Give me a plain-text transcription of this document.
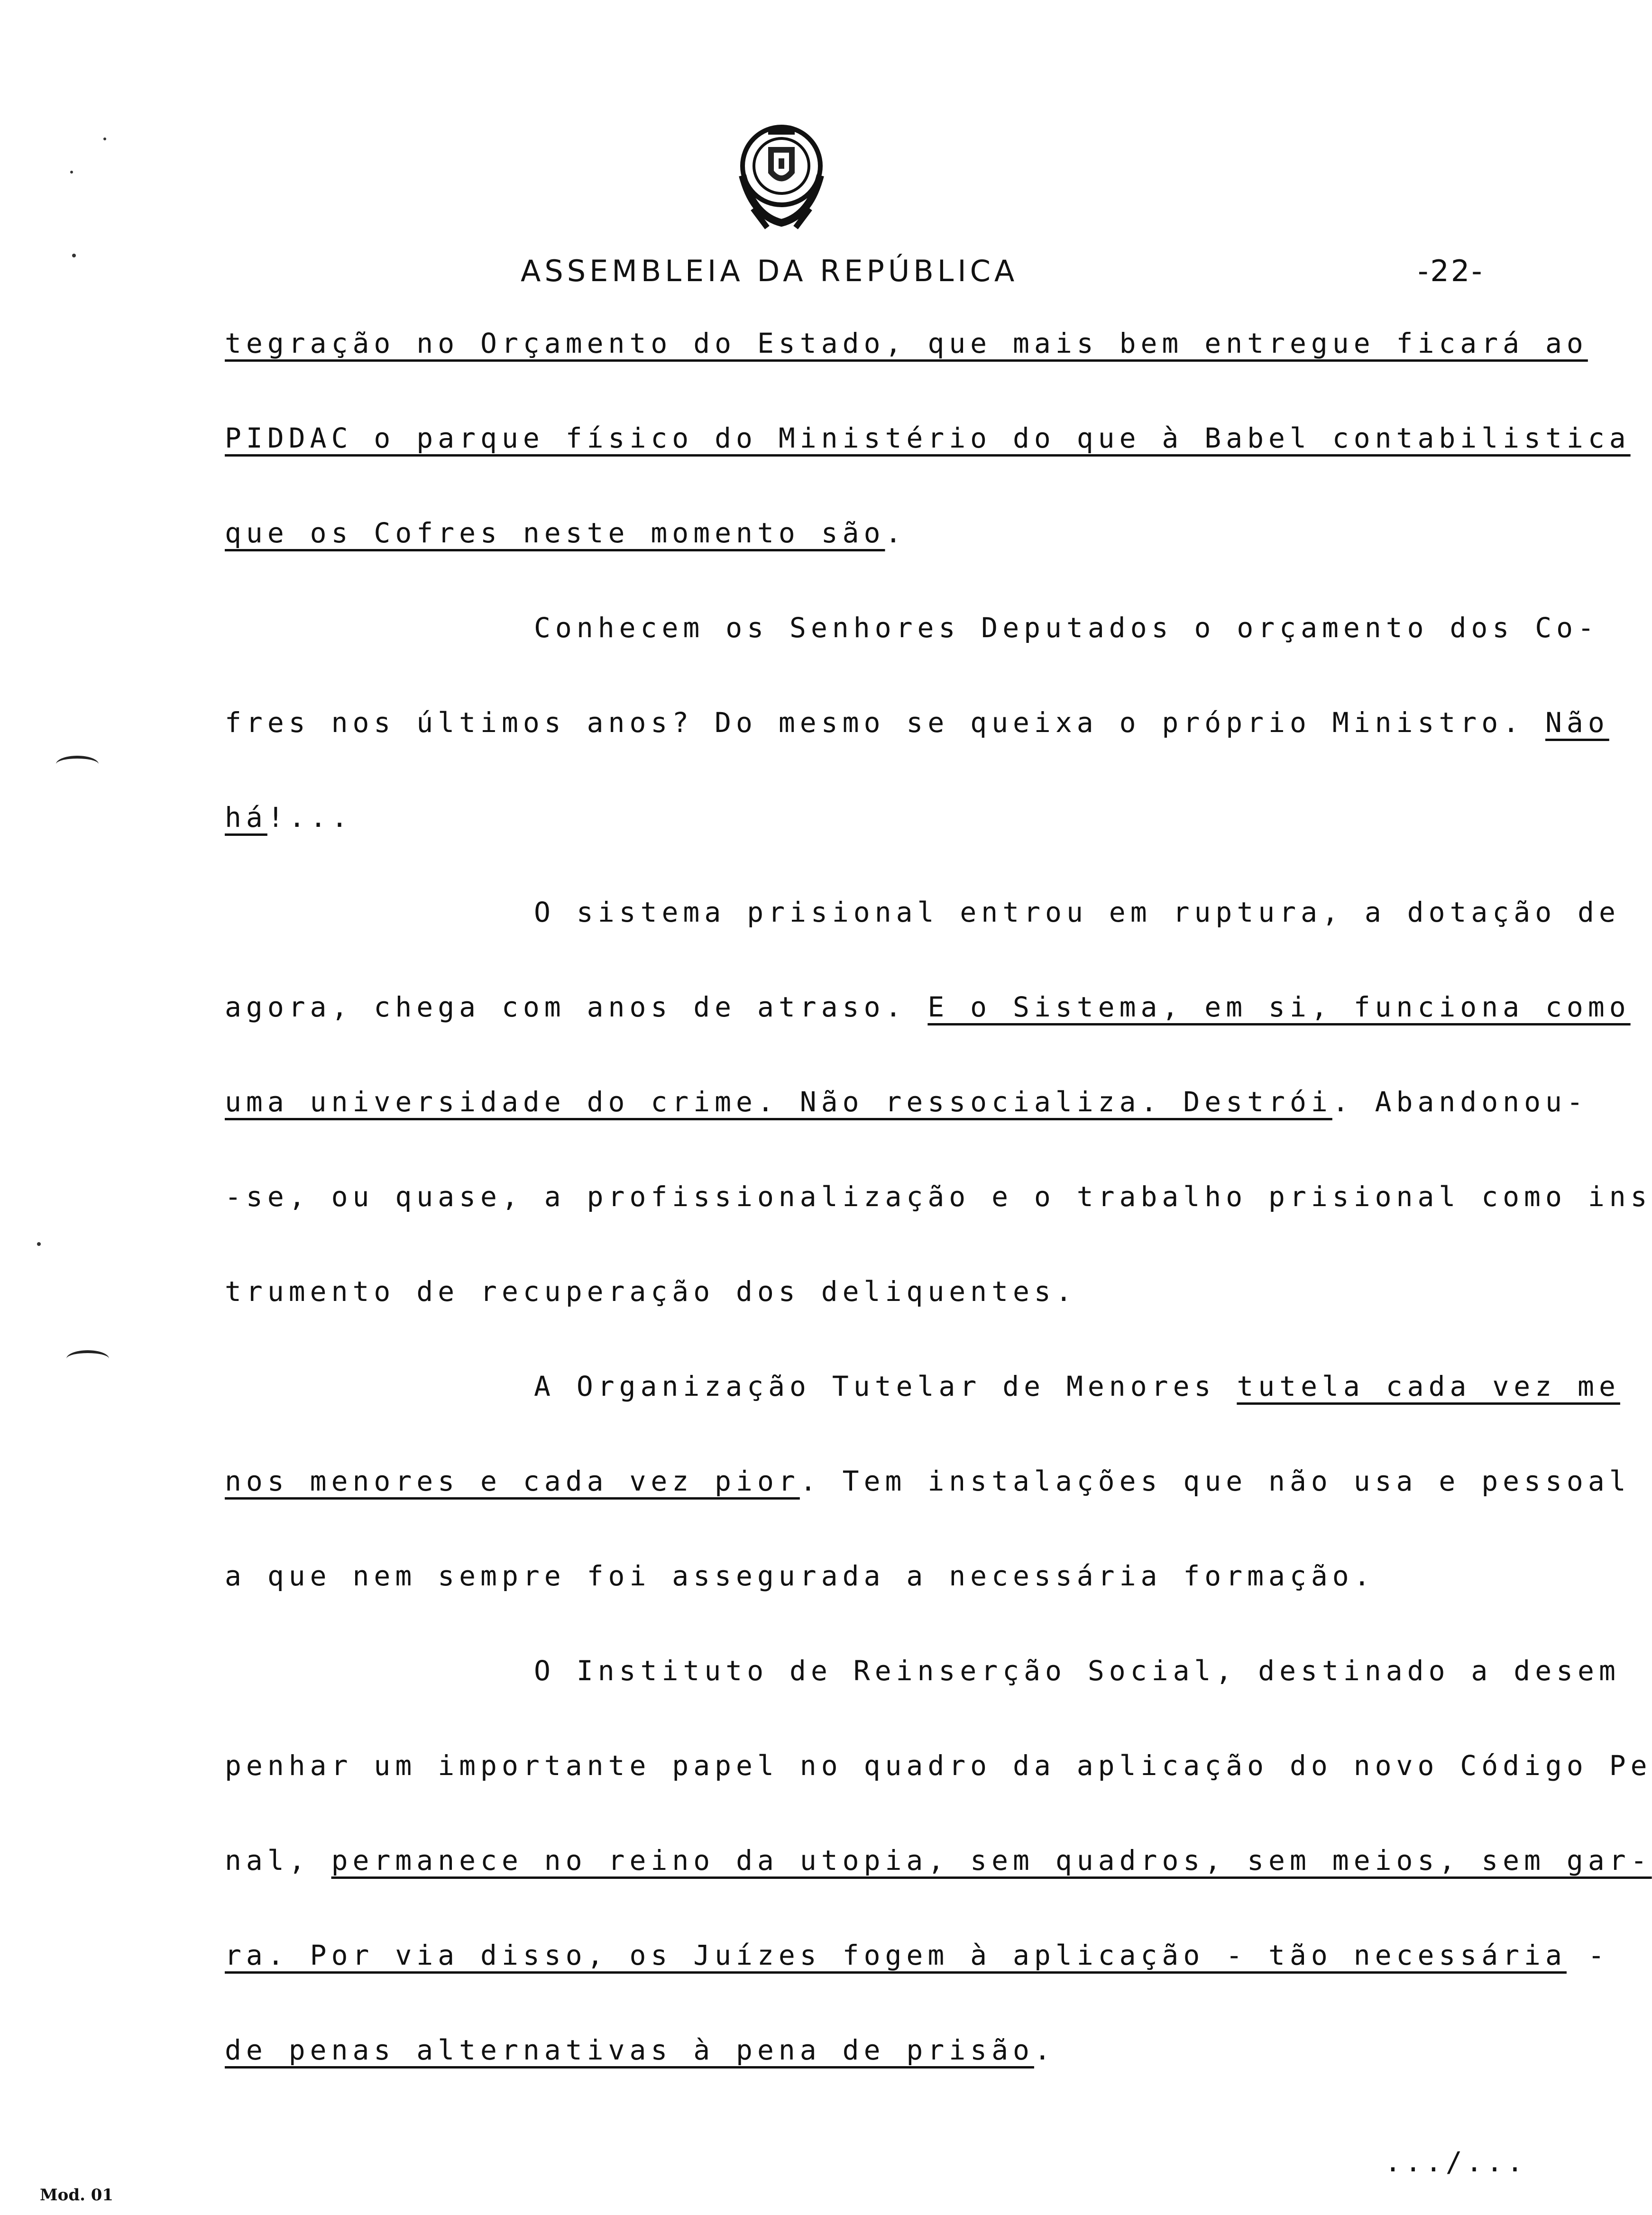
ASSEMBLEIA DA REPÚBLICA	-22-
tegração no Orçamento do Estado, que mais bem entregue ficará ao
PIDDAC o parque físico do Ministério do que à Babel contabilistica
que os Cofres neste momento são.
Conhecem os Senhores Deputados o orçamento dos Co-
fres nos últimos anos? Do mesmo se queixa o próprio Ministro. Não
há!...
O sistema prisional entrou em ruptura, a dotação de
agora, chega com anos de atraso. E o Sistema, em si, funciona como
uma universidade do crime. Não ressocializa. Destrói. Abandonou-
-se, ou quase, a profissionalização e o trabalho prisional como ins
trumento de recuperação dos deliquentes.
A Organização Tutelar de Menores tutela cada vez me
nos menores e cada vez pior. Tem instalações que não usa e pessoal
a que nem sempre foi assegurada a necessária formação.
O Instituto de Reinserção Social, destinado a desem
penhar um importante papel no quadro da aplicação do novo Código Pe
nal, permanece no reino da utopia, sem quadros, sem meios, sem gar-
ra. Por via disso, os Juízes fogem à aplicação - tão necessária -
de penas alternativas à pena de prisão.
.../...
Mod. 01
